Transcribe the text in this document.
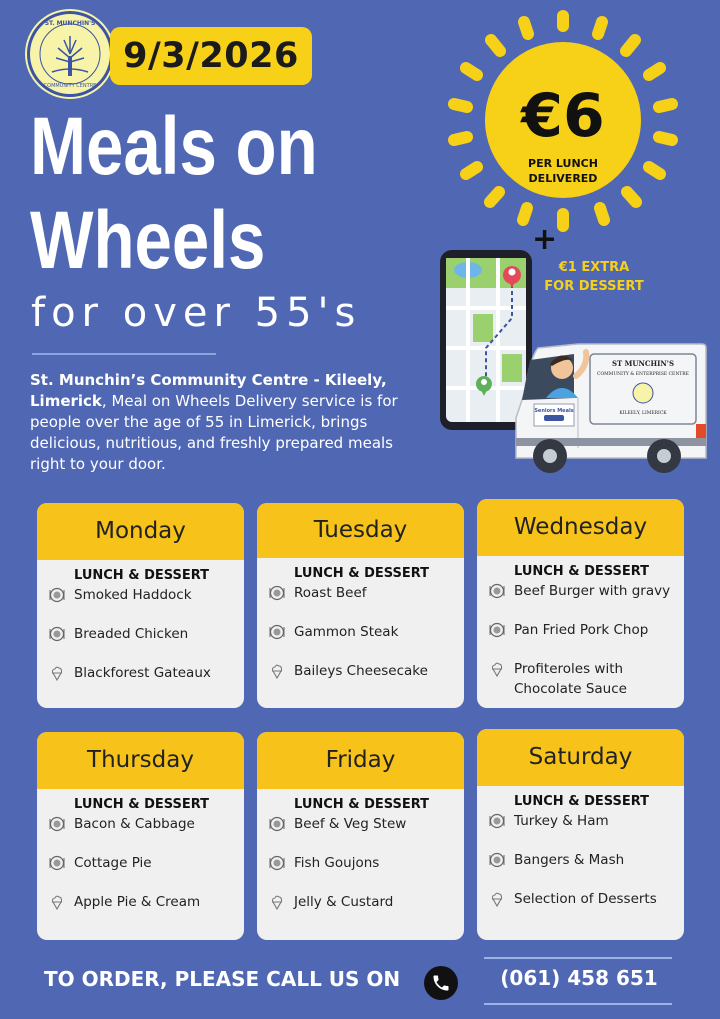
ST. MUNCHIN'S
COMMUNITY CENTRE
9/3/2026
Meals on
Wheels
for over 55's
St. Munchin’s Community Centre - Kileely, Limerick, Meal on Wheels Delivery service is for people over the age of 55 in Limerick, brings delicious, nutritious, and freshly prepared meals right to your door.
€6
PER LUNCH
DELIVERED
+
€1 EXTRA
FOR DESSERT
ST MUNCHIN'S
COMMUNITY & ENTERPRISE CENTRE
KILEELY, LIMERICK
Seniors Meals
Monday
LUNCH & DESSERT
Smoked Haddock
Breaded Chicken
Blackforest Gateaux
Tuesday
LUNCH & DESSERT
Roast Beef
Gammon Steak
Baileys Cheesecake
Wednesday
LUNCH & DESSERT
Beef Burger with gravy
Pan Fried Pork Chop
Profiteroles with Chocolate Sauce
Thursday
LUNCH & DESSERT
Bacon & Cabbage
Cottage Pie
Apple Pie & Cream
Friday
LUNCH & DESSERT
Beef & Veg Stew
Fish Goujons
Jelly & Custard
Saturday
LUNCH & DESSERT
Turkey & Ham
Bangers & Mash
Selection of Desserts
TO ORDER, PLEASE CALL US ON	(061) 458 651
